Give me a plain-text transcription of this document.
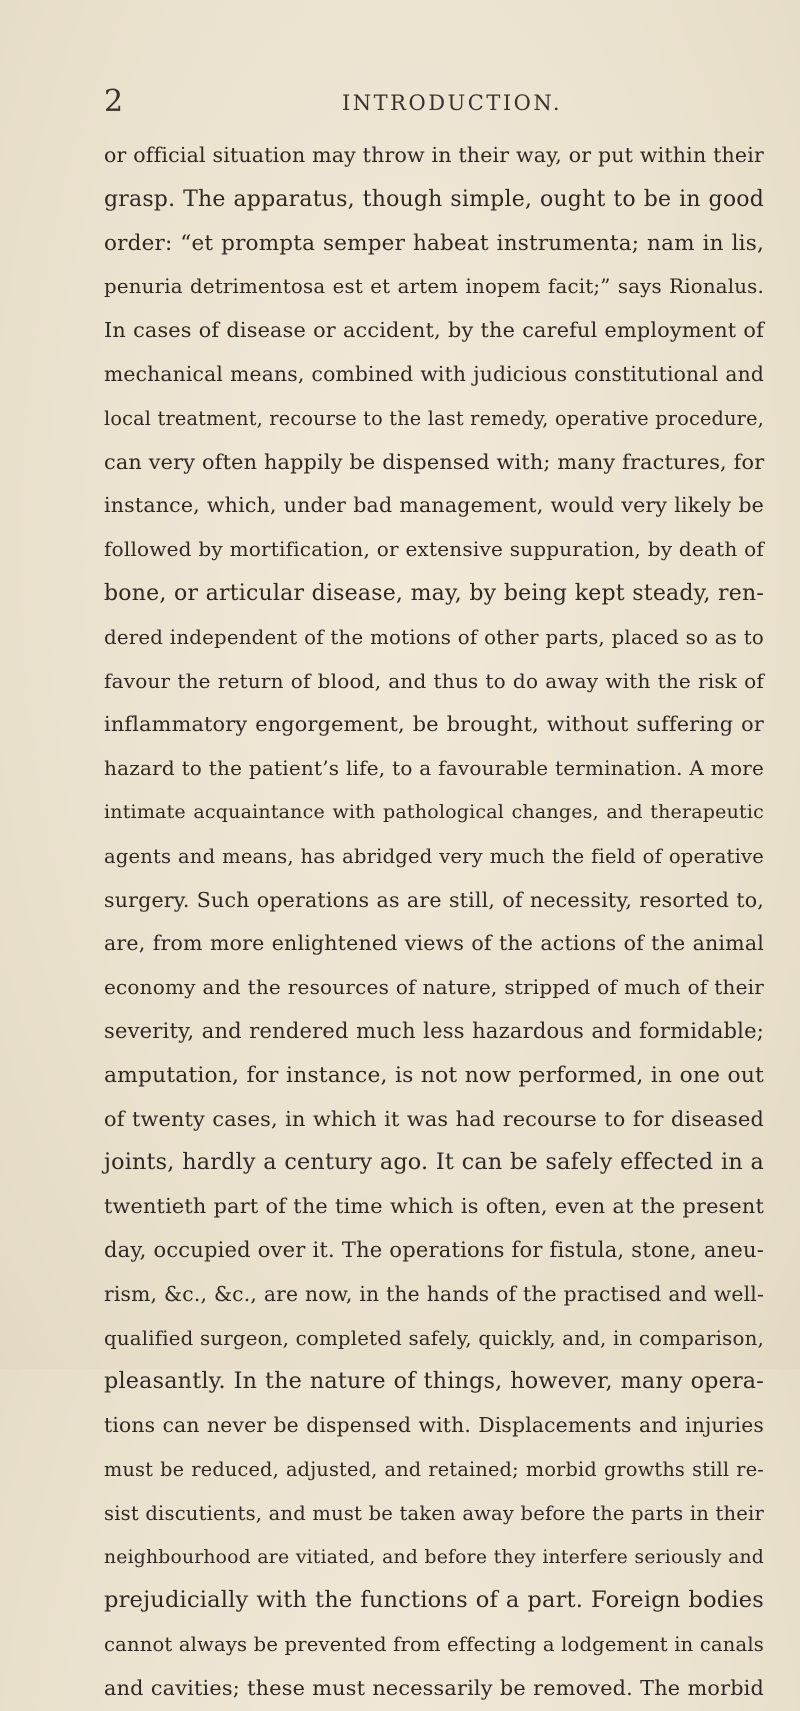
2	INTRODUCTION.
or official situation may throw in their way, or put within their
grasp. The apparatus, though simple, ought to be in good
order: “et prompta semper habeat instrumenta; nam in lis,
penuria detrimentosa est et artem inopem facit;” says Rionalus.
In cases of disease or accident, by the careful employment of
mechanical means, combined with judicious constitutional and
local treatment, recourse to the last remedy, operative procedure,
can very often happily be dispensed with; many fractures, for
instance, which, under bad management, would very likely be
followed by mortification, or extensive suppuration, by death of
bone, or articular disease, may, by being kept steady, ren-
dered independent of the motions of other parts, placed so as to
favour the return of blood, and thus to do away with the risk of
inflammatory engorgement, be brought, without suffering or
hazard to the patient’s life, to a favourable termination. A more
intimate acquaintance with pathological changes, and therapeutic
agents and means, has abridged very much the field of operative
surgery. Such operations as are still, of necessity, resorted to,
are, from more enlightened views of the actions of the animal
economy and the resources of nature, stripped of much of their
severity, and rendered much less hazardous and formidable;
amputation, for instance, is not now performed, in one out
of twenty cases, in which it was had recourse to for diseased
joints, hardly a century ago. It can be safely effected in a
twentieth part of the time which is often, even at the present
day, occupied over it. The operations for fistula, stone, aneu-
rism, &c., &c., are now, in the hands of the practised and well-
qualified surgeon, completed safely, quickly, and, in comparison,
pleasantly. In the nature of things, however, many opera-
tions can never be dispensed with. Displacements and injuries
must be reduced, adjusted, and retained; morbid growths still re-
sist discutients, and must be taken away before the parts in their
neighbourhood are vitiated, and before they interfere seriously and
prejudicially with the functions of a part. Foreign bodies
cannot always be prevented from effecting a lodgement in canals
and cavities; these must necessarily be removed. The morbid
